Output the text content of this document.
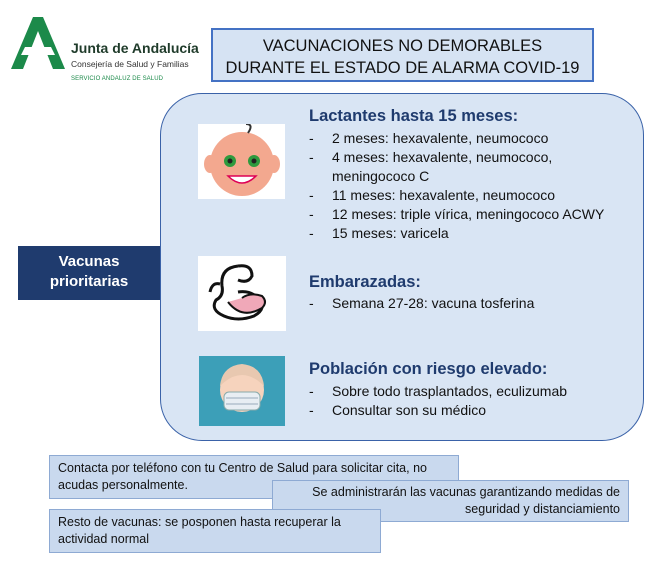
Junta de Andalucía
Consejería de Salud y Familias
SERVICIO ANDALUZ DE SALUD
VACUNACIONES NO DEMORABLES
DURANTE EL ESTADO DE ALARMA COVID-19
Vacunas
prioritarias
Lactantes hasta 15 meses:
- 2 meses: hexavalente, neumococo
- 4 meses: hexavalente, neumococo, meningococo C
- 11 meses: hexavalente, neumococo
- 12 meses: triple vírica, meningococo ACWY
- 15 meses: varicela
Embarazadas:
- Semana 27-28: vacuna tosferina
Población con riesgo elevado:
- Sobre todo trasplantados, eculizumab
- Consultar son su médico
Contacta por teléfono con tu Centro de Salud para solicitar cita, no acudas personalmente.	Se administrarán las vacunas garantizando medidas de seguridad y distanciamiento
Resto de vacunas: se posponen hasta recuperar la actividad normal
